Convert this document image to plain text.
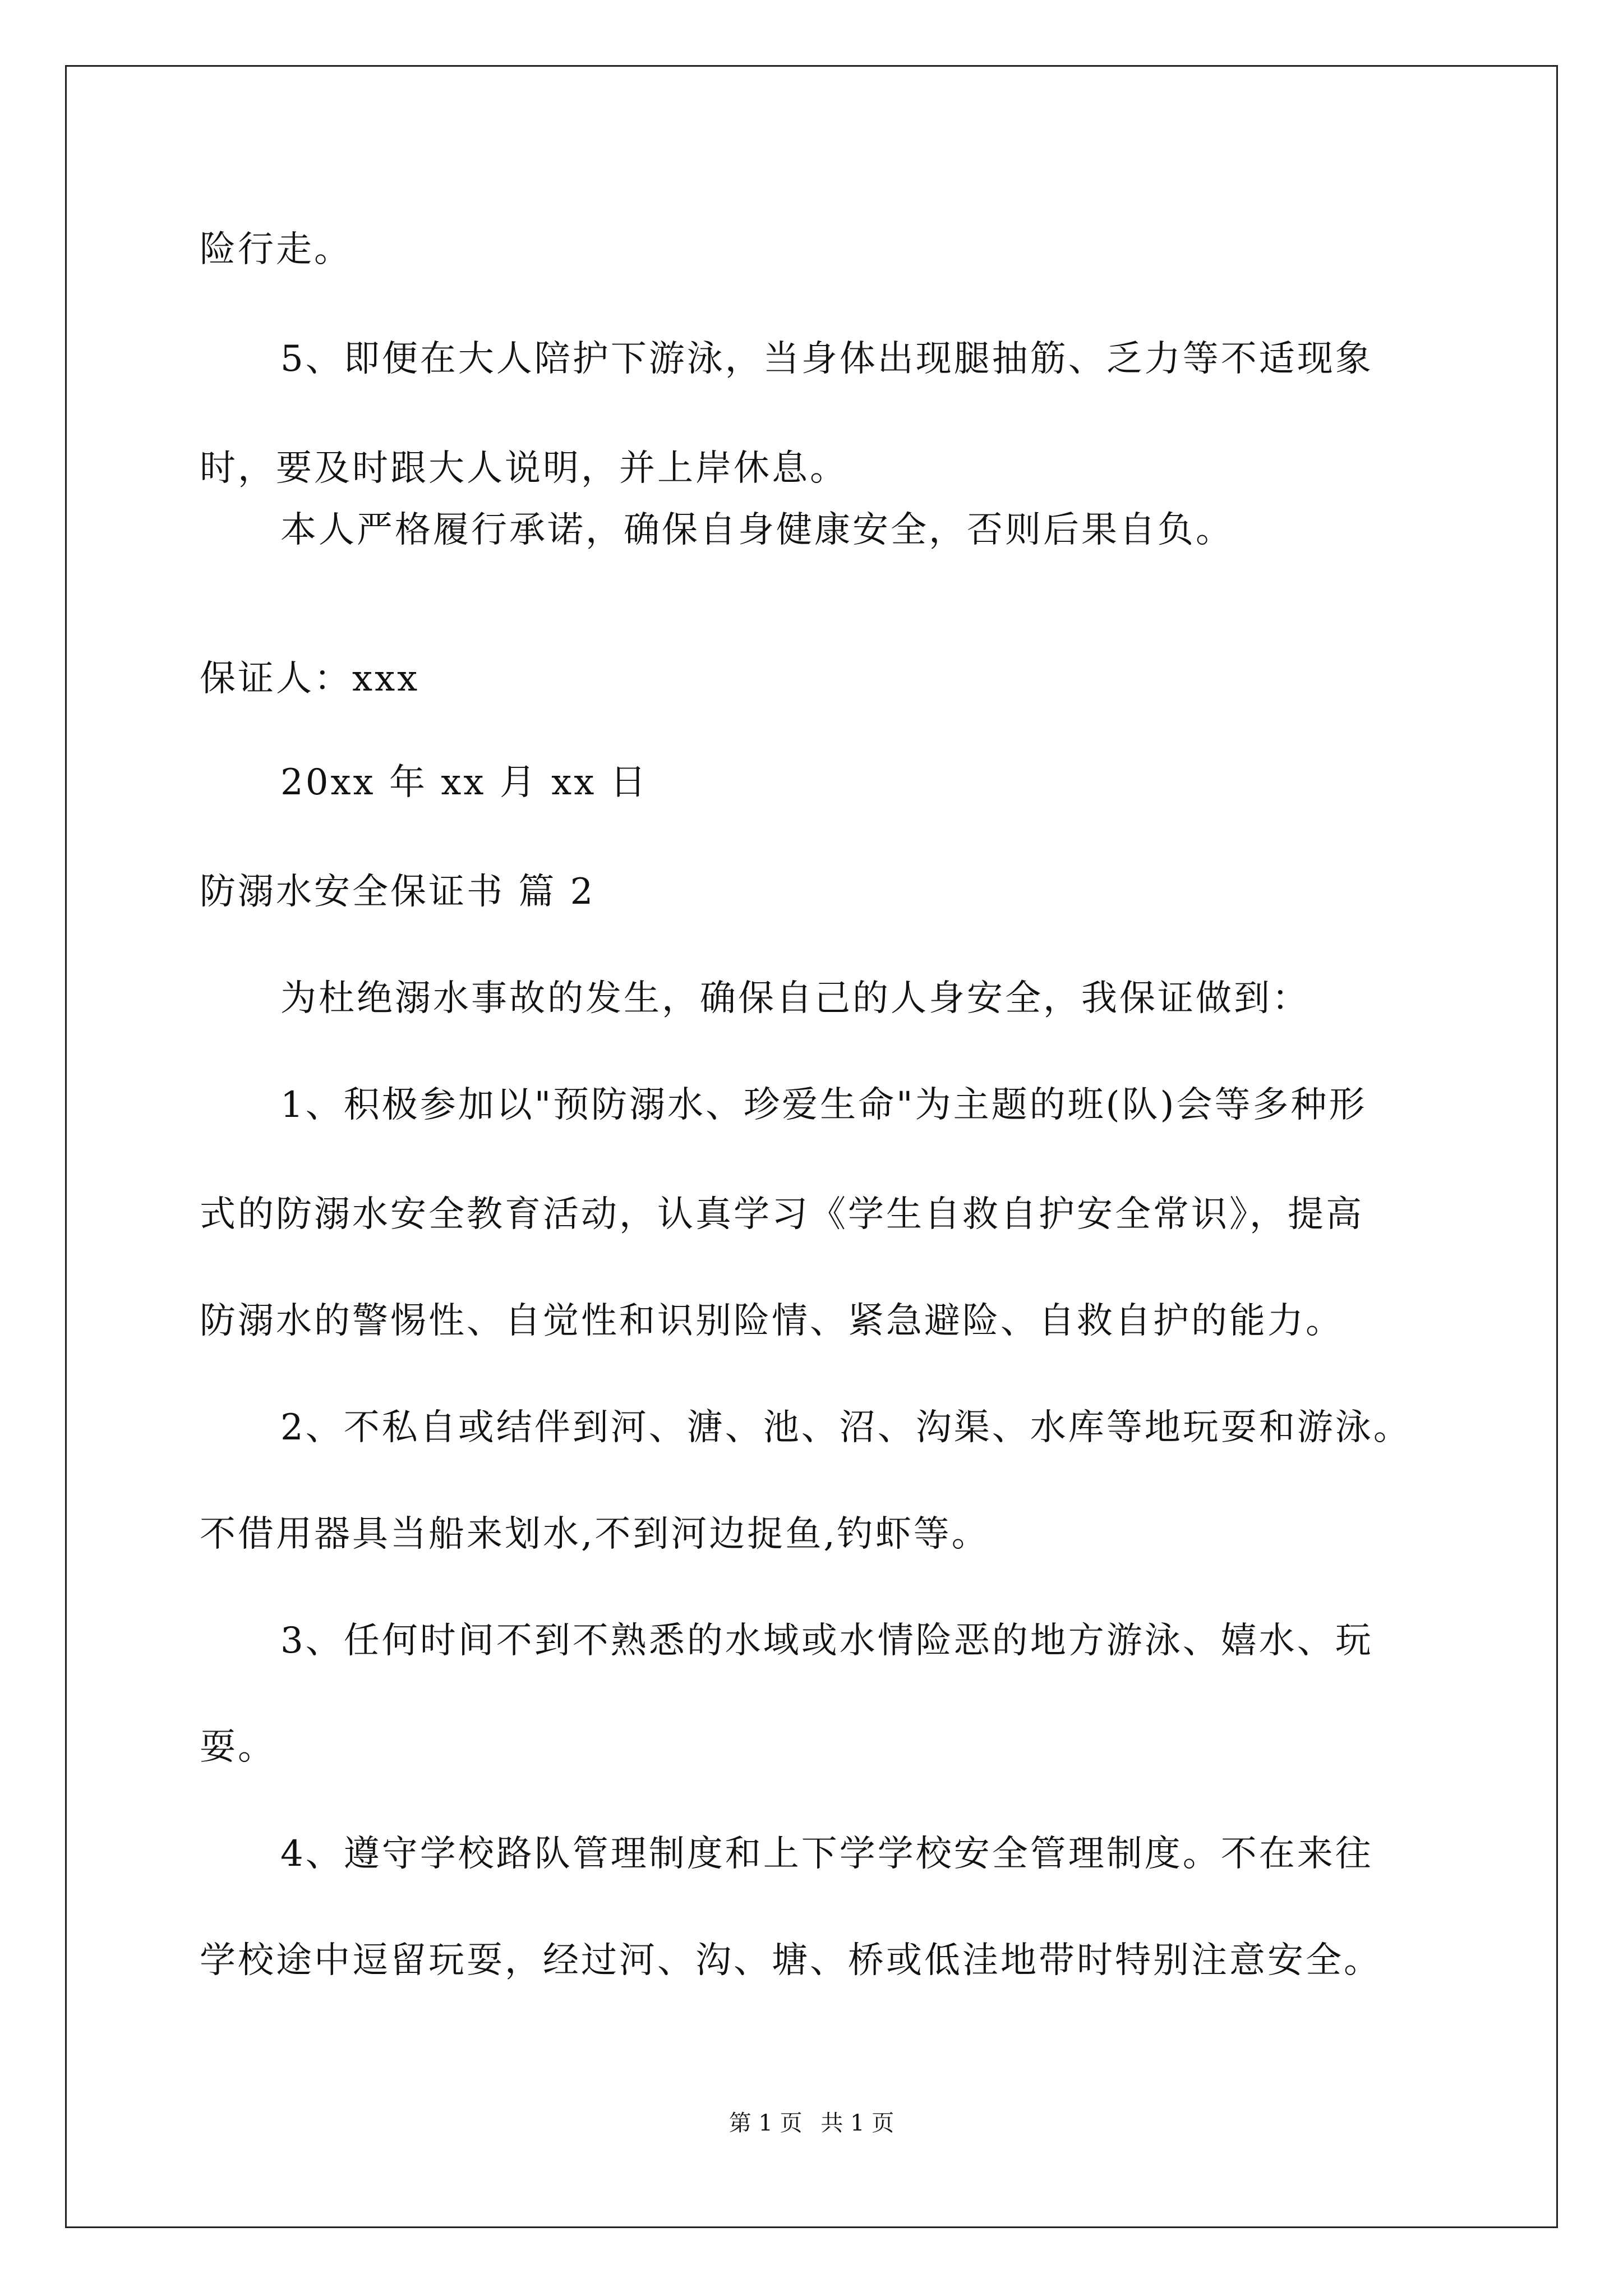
险行走。
5、即便在大人陪护下游泳，当身体出现腿抽筋、乏力等不适现象
时，要及时跟大人说明，并上岸休息。
本人严格履行承诺，确保自身健康安全，否则后果自负。
保证人：xxx
20xx 年 xx 月 xx 日
防溺水安全保证书 篇 2
为杜绝溺水事故的发生，确保自己的人身安全，我保证做到：
1、积极参加以"预防溺水、珍爱生命"为主题的班(队)会等多种形
式的防溺水安全教育活动，认真学习《学生自救自护安全常识》，提高
防溺水的警惕性、自觉性和识别险情、紧急避险、自救自护的能力。
2、不私自或结伴到河、溏、池、沼、沟渠、水库等地玩耍和游泳。
不借用器具当船来划水,不到河边捉鱼,钓虾等。
3、任何时间不到不熟悉的水域或水情险恶的地方游泳、嬉水、玩
耍。
4、遵守学校路队管理制度和上下学学校安全管理制度。不在来往
学校途中逗留玩耍，经过河、沟、塘、桥或低洼地带时特别注意安全。
第 1 页 共 1 页
